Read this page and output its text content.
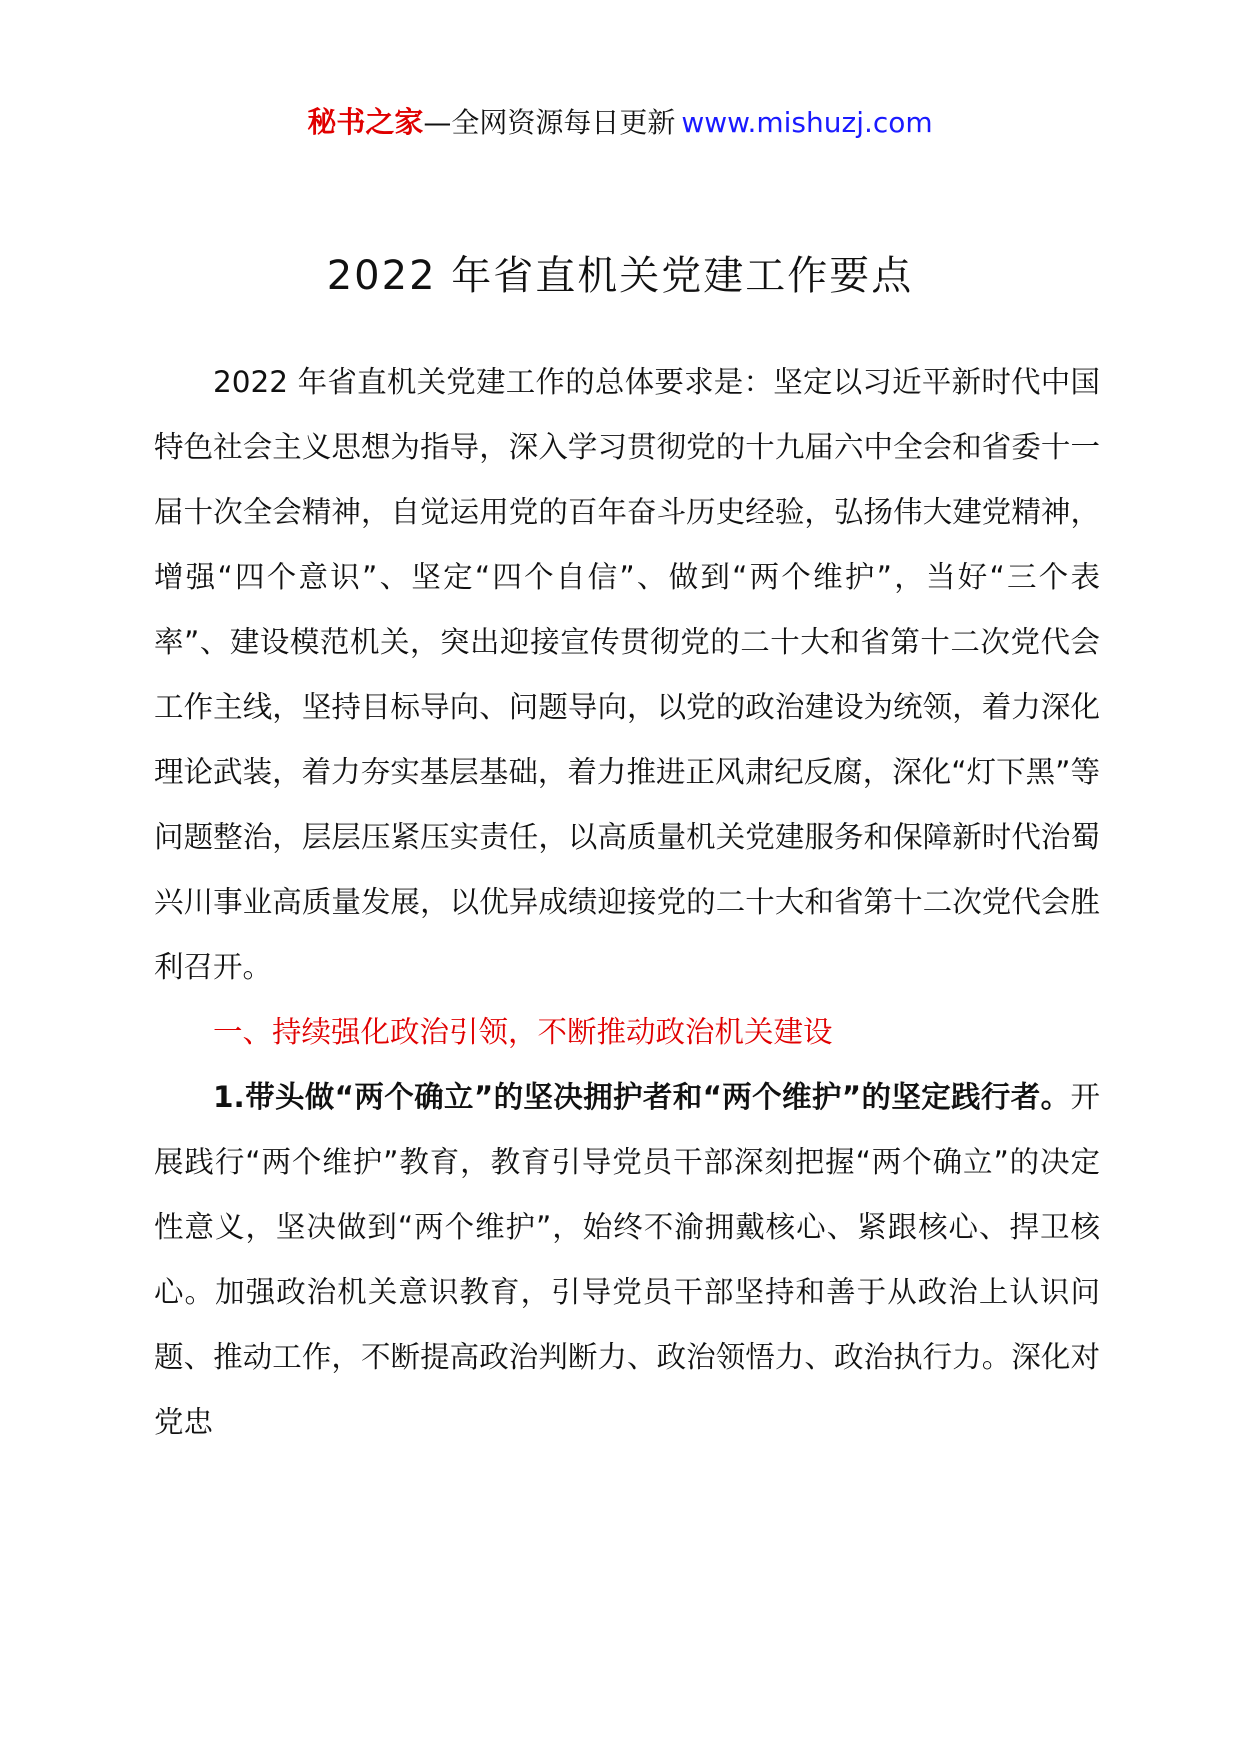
秘书之家—全网资源每日更新 www.mishuzj.com
2022 年省直机关党建工作要点

2022 年省直机关党建工作的总体要求是：坚定以习近平新时代中国特色社会主义思想为指导，深入学习贯彻党的十九届六中全会和省委十一届十次全会精神，自觉运用党的百年奋斗历史经验，弘扬伟大建党精神，增强“四个意识”、坚定“四个自信”、做到“两个维护”，当好“三个表率”、建设模范机关，突出迎接宣传贯彻党的二十大和省第十二次党代会工作主线，坚持目标导向、问题导向，以党的政治建设为统领，着力深化理论武装，着力夯实基层基础，着力推进正风肃纪反腐，深化“灯下黑”等问题整治，层层压紧压实责任，以高质量机关党建服务和保障新时代治蜀兴川事业高质量发展，以优异成绩迎接党的二十大和省第十二次党代会胜利召开。

一、持续强化政治引领，不断推动政治机关建设

1.带头做“两个确立”的坚决拥护者和“两个维护”的坚定践行者。开展践行“两个维护”教育，教育引导党员干部深刻把握“两个确立”的决定性意义，坚决做到“两个维护”，始终不渝拥戴核心、紧跟核心、捍卫核心。加强政治机关意识教育，引导党员干部坚持和善于从政治上认识问题、推动工作，不断提高政治判断力、政治领悟力、政治执行力。深化对党忠
